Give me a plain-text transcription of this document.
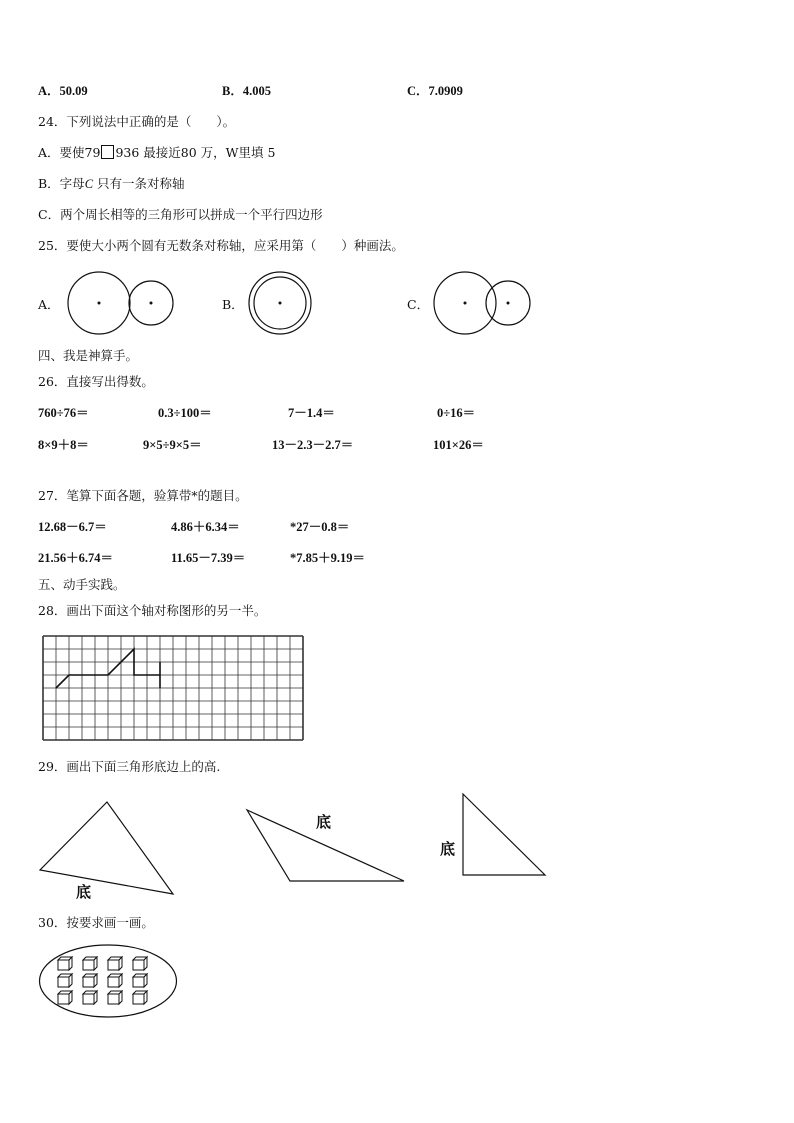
A．50.09	B．4.005	C．7.0909
24．下列说法中正确的是（　　）。
A．要使79 936 最接近80 万，W里填 5
B．字母C 只有一条对称轴
C．两个周长相等的三角形可以拼成一个平行四边形
25．要使大小两个圆有无数条对称轴，应采用第（　　）种画法。
A．	B．	C．
四、我是神算手。
26．直接写出得数。
760÷76＝	0.3÷100＝	7－1.4＝	0÷16＝
8×9＋8＝	9×5÷9×5＝	13－2.3－2.7＝	101×26＝
27．笔算下面各题，验算带*的题目。
12.68－6.7＝	4.86＋6.34＝	*27－0.8＝
21.56＋6.74＝	11.65－7.39＝	*7.85＋9.19＝
五、动手实践。
28．画出下面这个轴对称图形的另一半。
29．画出下面三角形底边上的高.
底
底
底
30．按要求画一画。
